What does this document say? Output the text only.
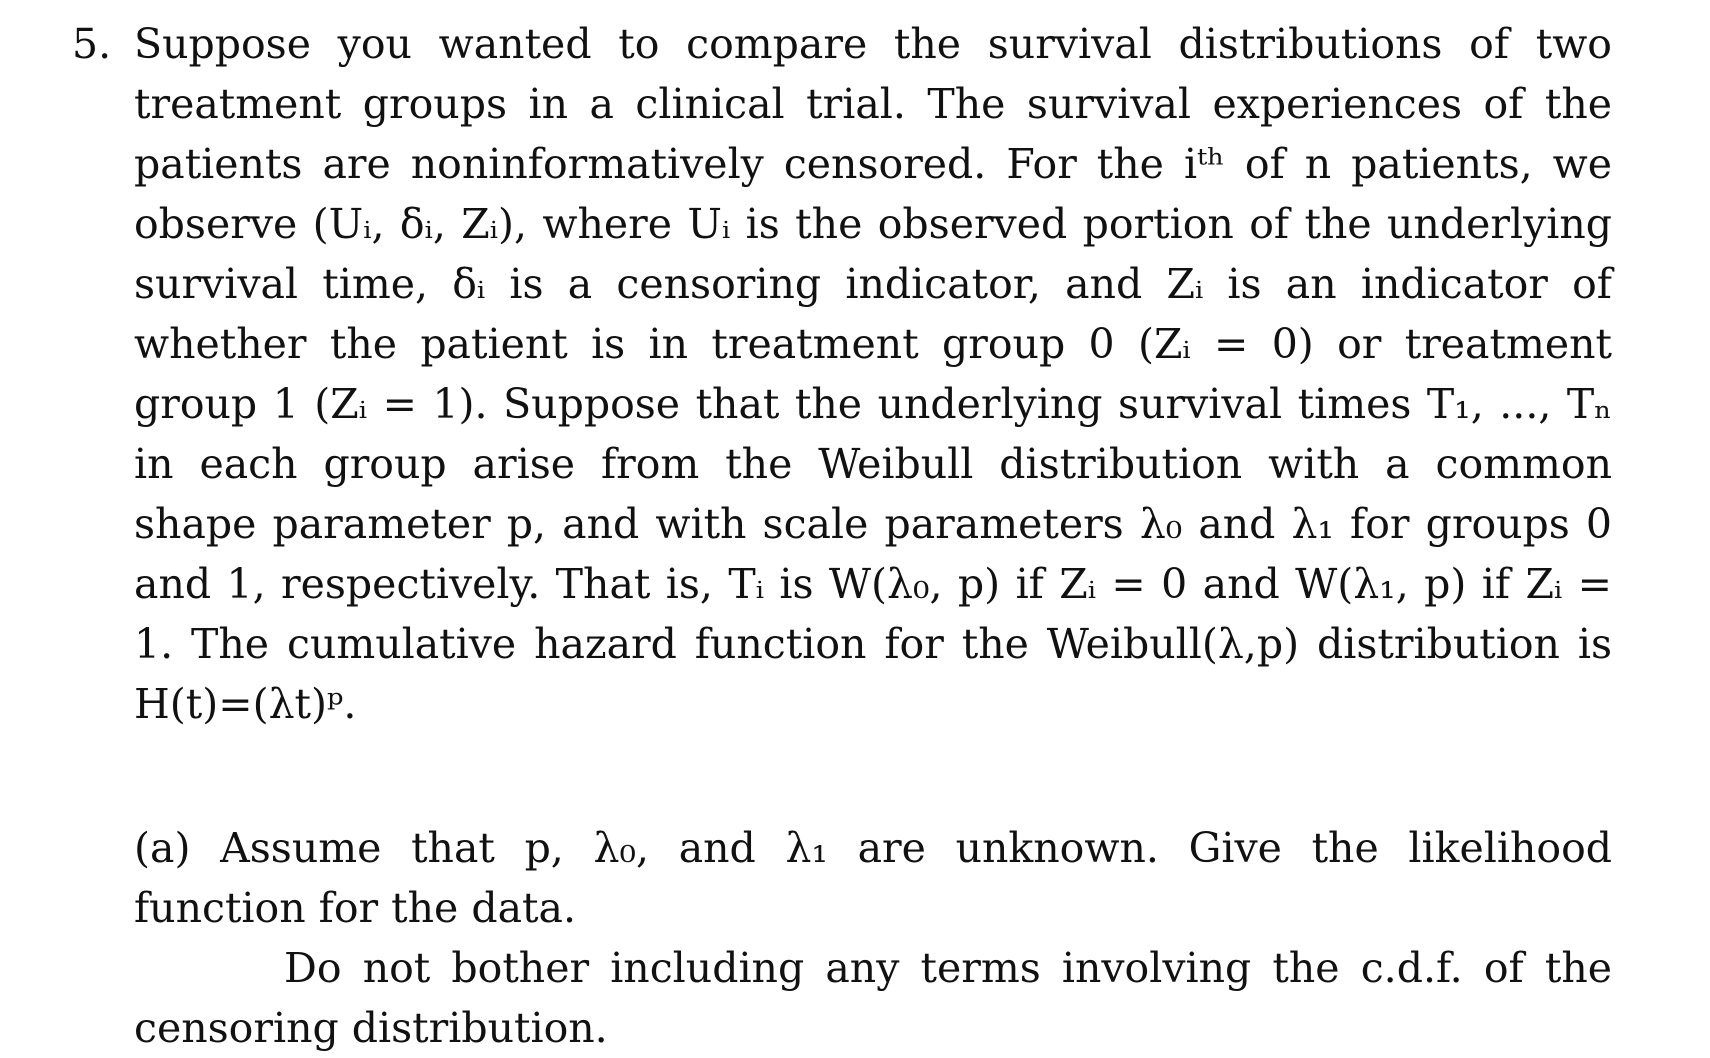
5. Suppose you wanted to compare the survival distributions of two treatment groups in a clinical trial. The survival experiences of the patients are noninformatively censored. For the iᵗʰ of n patients, we observe (Uᵢ, δᵢ, Zᵢ), where Uᵢ is the observed portion of the underlying survival time, δᵢ is a censoring indicator, and Zᵢ is an indicator of whether the patient is in treatment group 0 (Zᵢ = 0) or treatment group 1 (Zᵢ = 1). Suppose that the underlying survival times T₁, ..., Tₙ in each group arise from the Weibull distribution with a common shape parameter p, and with scale parameters λ₀ and λ₁ for groups 0 and 1, respectively. That is, Tᵢ is W(λ₀, p) if Zᵢ = 0 and W(λ₁, p) if Zᵢ = 1. The cumulative hazard function for the Weibull(λ,p) distribution is H(t)=(λt)ᵖ.

(a) Assume that p, λ₀, and λ₁ are unknown. Give the likelihood function for the data.

Do not bother including any terms involving the c.d.f. of the censoring distribution.
